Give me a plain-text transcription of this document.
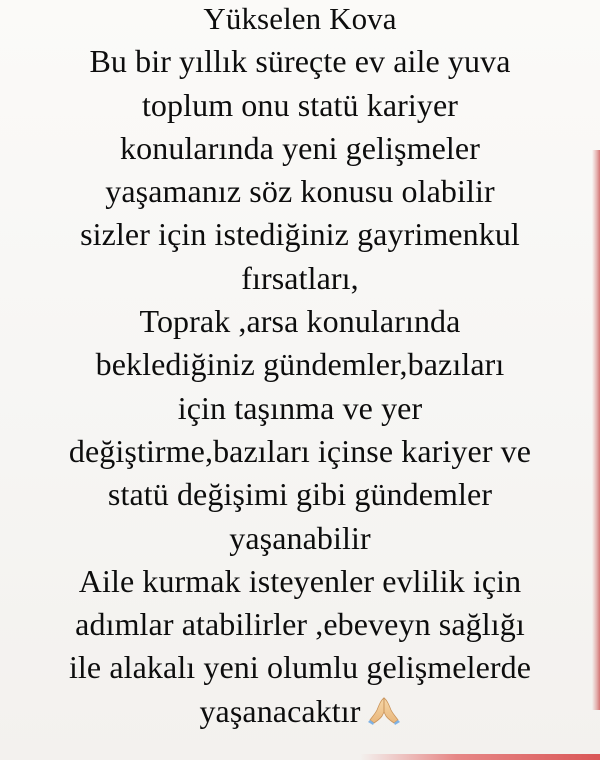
Yükselen Kova
Bu bir yıllık süreçte ev aile yuva
toplum onu statü kariyer
konularında yeni gelişmeler
yaşamanız söz konusu olabilir
sizler için istediğiniz gayrimenkul
fırsatları,
Toprak ,arsa konularında
beklediğiniz gündemler,bazıları
için taşınma ve yer
değiştirme,bazıları içinse kariyer ve
statü değişimi gibi gündemler
yaşanabilir
Aile kurmak isteyenler evlilik için
adımlar atabilirler ,ebeveyn sağlığı
ile alakalı yeni olumlu gelişmelerde
yaşanacaktır
